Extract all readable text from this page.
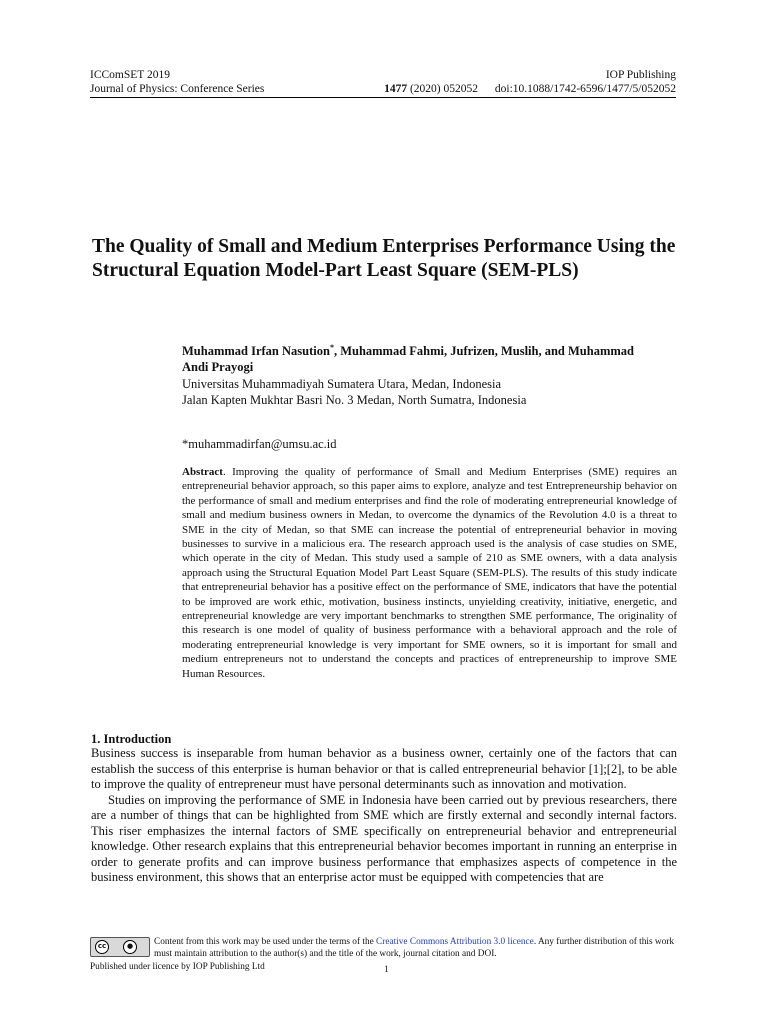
ICComSET 2019	IOP Publishing
Journal of Physics: Conference Series	1477 (2020) 052052 doi:10.1088/1742-6596/1477/5/052052
The Quality of Small and Medium Enterprises Performance Using the Structural Equation Model-Part Least Square (SEM-PLS)
Muhammad Irfan Nasution*, Muhammad Fahmi, Jufrizen, Muslih, and Muhammad Andi Prayogi
Universitas Muhammadiyah Sumatera Utara, Medan, Indonesia
Jalan Kapten Mukhtar Basri No. 3 Medan, North Sumatra, Indonesia
*muhammadirfan@umsu.ac.id

Abstract. Improving the quality of performance of Small and Medium Enterprises (SME) requires an entrepreneurial behavior approach, so this paper aims to explore, analyze and test Entrepreneurship behavior on the performance of small and medium enterprises and find the role of moderating entrepreneurial knowledge of small and medium business owners in Medan, to overcome the dynamics of the Revolution 4.0 is a threat to SME in the city of Medan, so that SME can increase the potential of entrepreneurial behavior in moving businesses to survive in a malicious era. The research approach used is the analysis of case studies on SME, which operate in the city of Medan. This study used a sample of 210 as SME owners, with a data analysis approach using the Structural Equation Model Part Least Square (SEM-PLS). The results of this study indicate that entrepreneurial behavior has a positive effect on the performance of SME, indicators that have the potential to be improved are work ethic, motivation, business instincts, unyielding creativity, initiative, energetic, and entrepreneurial knowledge are very important benchmarks to strengthen SME performance, The originality of this research is one model of quality of business performance with a behavioral approach and the role of moderating entrepreneurial knowledge is very important for SME owners, so it is important for small and medium entrepreneurs not to understand the concepts and practices of entrepreneurship to improve SME Human Resources.

1. Introduction

Business success is inseparable from human behavior as a business owner, certainly one of the factors that can establish the success of this enterprise is human behavior or that is called entrepreneurial behavior [1];[2], to be able to improve the quality of entrepreneur must have personal determinants such as innovation and motivation.

Studies on improving the performance of SME in Indonesia have been carried out by previous researchers, there are a number of things that can be highlighted from SME which are firstly external and secondly internal factors. This riser emphasizes the internal factors of SME specifically on entrepreneurial behavior and entrepreneurial knowledge. Other research explains that this entrepreneurial behavior becomes important in running an enterprise in order to generate profits and can improve business performance that emphasizes aspects of competence in the business environment, this shows that an enterprise actor must be equipped with competencies that are

cc	●	Content from this work may be used under the terms of the Creative Commons Attribution 3.0 licence. Any further distribution of this work must maintain attribution to the author(s) and the title of the work, journal citation and DOI.
Published under licence by IOP Publishing Ltd	1
